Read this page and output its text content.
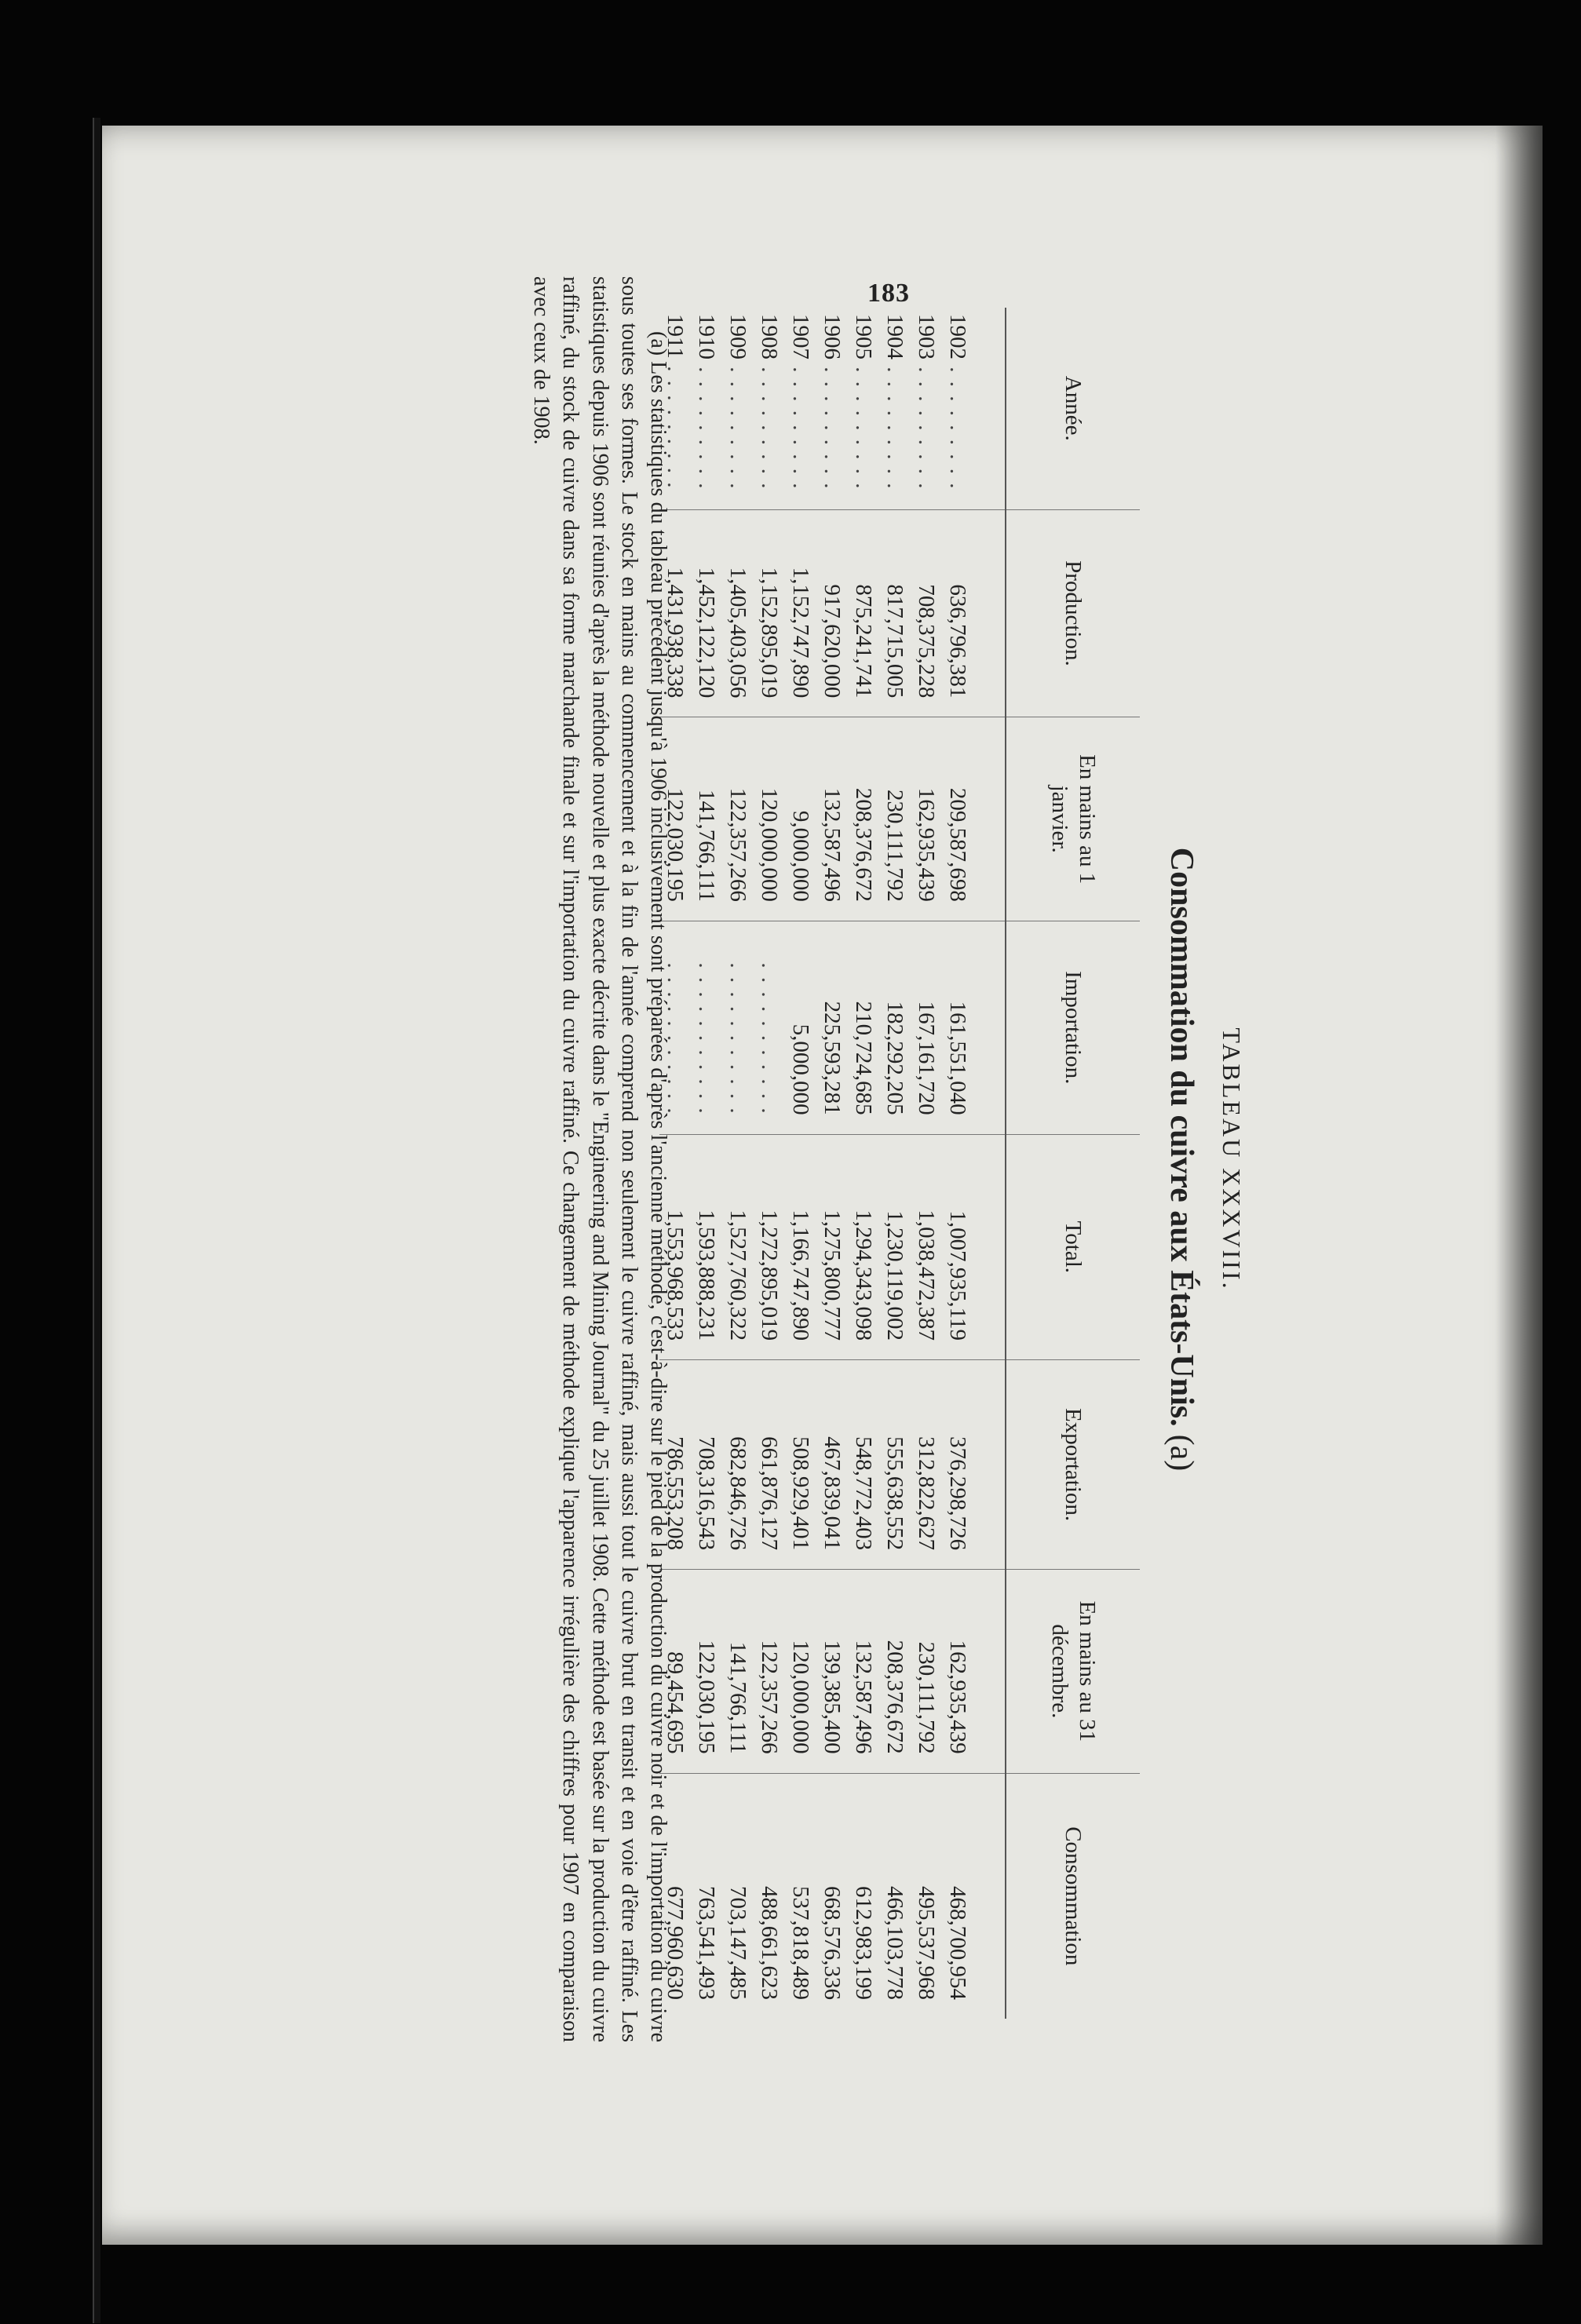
183
TABLEAU XXXVIII.
Consommation du cuivre aux États-Unis.(a)
Année.	Production.	En mains au 1 janvier.	Importation.	Total.	Exportation.	En mains au 31 décembre.	Consommation
1902 . . . . . . . . .	636,796,381	209,587,698	161,551,040	1,007,935,119	376,298,726	162,935,439	468,700,954
1903 . . . . . . . . .	708,375,228	162,935,439	167,161,720	1,038,472,387	312,822,627	230,111,792	495,537,968
1904 . . . . . . . . .	817,715,005	230,111,792	182,292,205	1,230,119,002	555,638,552	208,376,672	466,103,778
1905 . . . . . . . . .	875,241,741	208,376,672	210,724,685	1,294,343,098	548,772,403	132,587,496	612,983,199
1906 . . . . . . . . .	917,620,000	132,587,496	225,593,281	1,275,800,777	467,839,041	139,385,400	668,576,336
1907 . . . . . . . . .	1,152,747,890	9,000,000	5,000,000	1,166,747,890	508,929,401	120,000,000	537,818,489
1908 . . . . . . . . .	1,152,895,019	120,000,000	. . . . . . . . . . .	1,272,895,019	661,876,127	122,357,266	488,661,623
1909 . . . . . . . . .	1,405,403,056	122,357,266	. . . . . . . . . . .	1,527,760,322	682,846,726	141,766,111	703,147,485
1910 . . . . . . . . .	1,452,122,120	141,766,111	. . . . . . . . . . .	1,593,888,231	708,316,543	122,030,195	763,541,493
1911 . . . . . . . . .	1,431,938,338	122,030,195	. . . . . . . . . . .	1,553,968,533	786,553,208	89,454,695	677,960,630

(a) Les statistiques du tableau précédent jusqu'à 1906 inclusivement sont préparées d'après l'ancienne méthode, c'est-à-dire sur le pied de la production du cuivre noir et de l'importation du cuivre sous toutes ses formes. Le stock en mains au commencement et à la fin de l'année comprend non seulement le cuivre raffiné, mais aussi tout le cuivre brut en transit et en voie d'être raffiné. Les statistiques depuis 1906 sont réunies d'après la méthode nouvelle et plus exacte décrite dans le "Engineering and Mining Journal" du 25 juillet 1908. Cette méthode est basée sur la production du cuivre raffiné, du stock de cuivre dans sa forme marchande finale et sur l'importation du cuivre raffiné. Ce changement de méthode explique l'apparence irrégulière des chiffres pour 1907 en comparaison avec ceux de 1908.
